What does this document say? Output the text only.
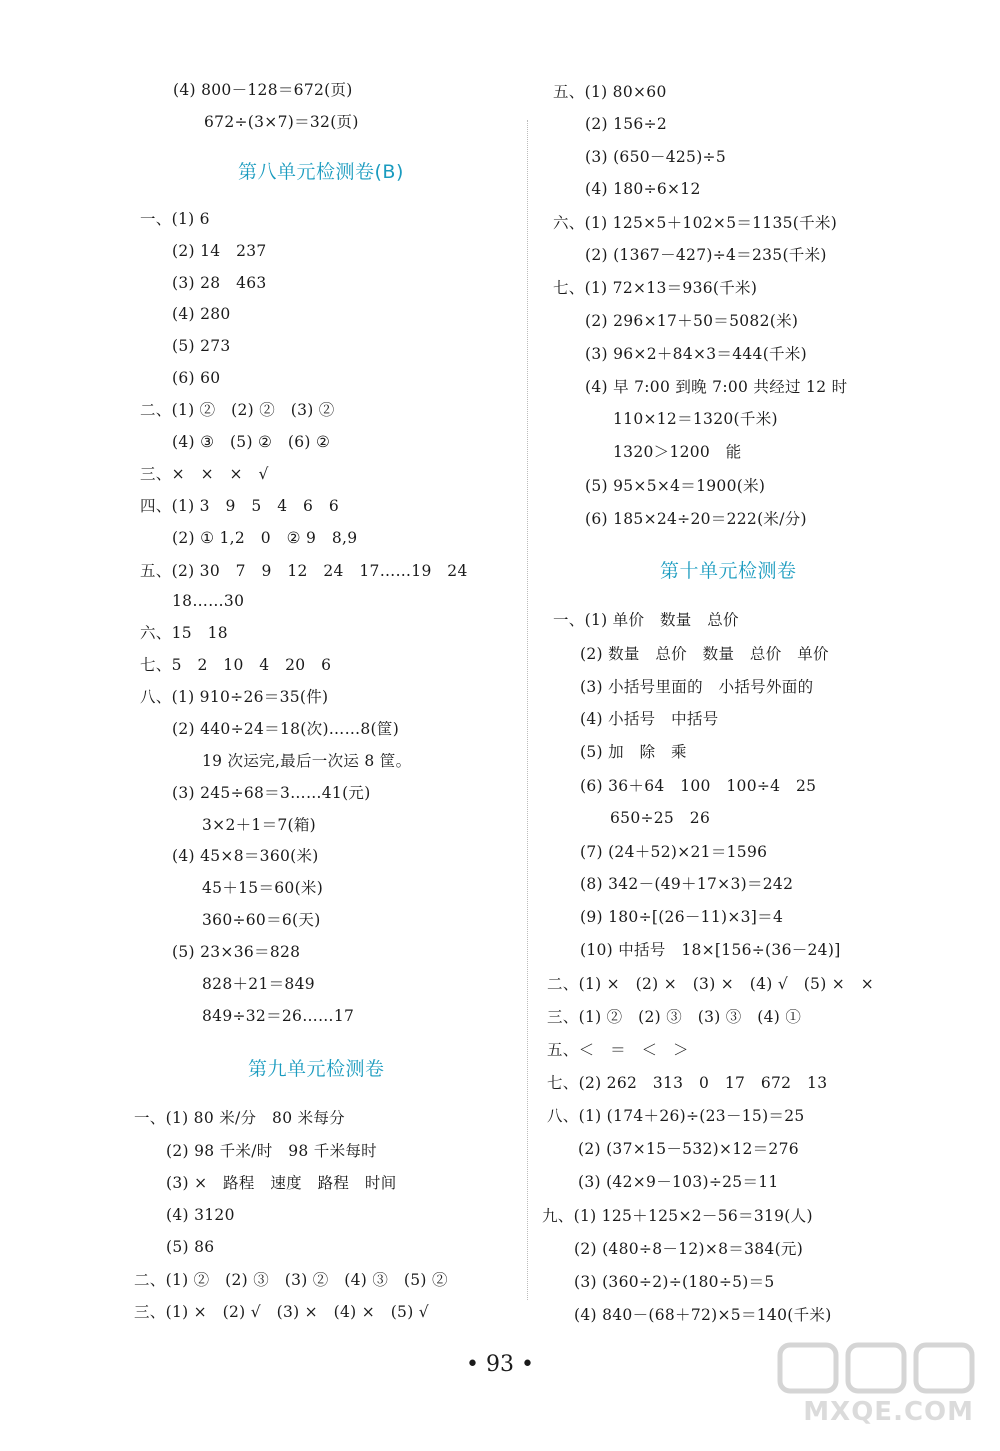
(4) 800－128＝672(页)
672÷(3×7)＝32(页)
第八单元检测卷(B)
一、(1) 6
(2) 14   237
(3) 28   463
(4) 280
(5) 273
(6) 60
二、(1) ②   (2) ②   (3) ②
(4) ③   (5) ②   (6) ②
三、×   ×   ×   √
四、(1) 3   9   5   4   6   6
(2) ① 1,2   0   ② 9   8,9
五、(2) 30   7   9   12   24   17……19   24
18……30
六、15   18
七、5   2   10   4   20   6
八、(1) 910÷26＝35(件)
(2) 440÷24＝18(次)……8(筐)
19 次运完,最后一次运 8 筐。
(3) 245÷68＝3……41(元)
3×2＋1＝7(箱)
(4) 45×8＝360(米)
45＋15＝60(米)
360÷60＝6(天)
(5) 23×36＝828
828＋21＝849
849÷32＝26……17
第九单元检测卷
一、(1) 80 米/分   80 米每分
(2) 98 千米/时   98 千米每时
(3) ×   路程   速度   路程   时间
(4) 3120
(5) 86
二、(1) ②   (2) ③   (3) ②   (4) ③   (5) ②
三、(1) ×   (2) √   (3) ×   (4) ×   (5) √
五、(1) 80×60
(2) 156÷2
(3) (650－425)÷5
(4) 180÷6×12
六、(1) 125×5＋102×5＝1135(千米)
(2) (1367－427)÷4＝235(千米)
七、(1) 72×13＝936(千米)
(2) 296×17＋50＝5082(米)
(3) 96×2＋84×3＝444(千米)
(4) 早 7:00 到晚 7:00 共经过 12 时
110×12＝1320(千米)
1320＞1200   能
(5) 95×5×4＝1900(米)
(6) 185×24÷20＝222(米/分)
第十单元检测卷
一、(1) 单价   数量   总价
(2) 数量   总价   数量   总价   单价
(3) 小括号里面的   小括号外面的
(4) 小括号   中括号
(5) 加   除   乘
(6) 36＋64   100   100÷4   25
650÷25   26
(7) (24＋52)×21＝1596
(8) 342－(49＋17×3)＝242
(9) 180÷[(26－11)×3]＝4
(10) 中括号   18×[156÷(36－24)]
二、(1) ×   (2) ×   (3) ×   (4) √   (5) ×   ×
三、(1) ②   (2) ③   (3) ③   (4) ①
五、＜   ＝   ＜   ＞
七、(2) 262   313   0   17   672   13
八、(1) (174＋26)÷(23－15)＝25
(2) (37×15－532)×12＝276
(3) (42×9－103)÷25＝11
九、(1) 125＋125×2－56＝319(人)
(2) (480÷8－12)×8＝384(元)
(3) (360÷2)÷(180÷5)＝5
(4) 840－(68＋72)×5＝140(千米)
• 93 •
MXQE.COM
